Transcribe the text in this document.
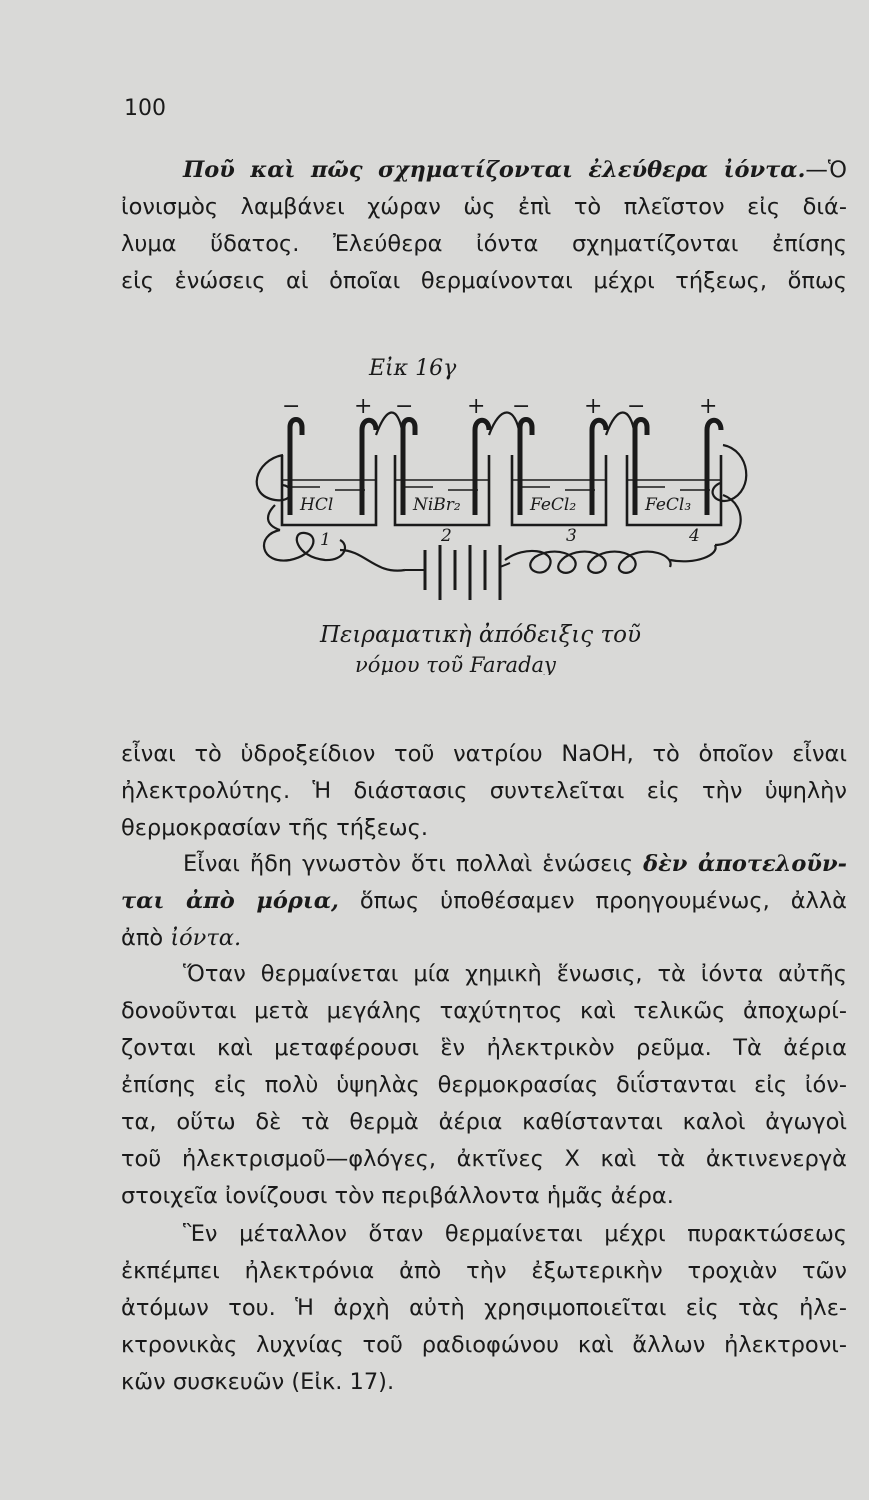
100
Ποῦ καὶ πῶς σχηματίζονται ἐλεύθερα ἰόντα.—Ὁ
ἰονισμὸς λαμβάνει χώραν ὡς ἐπὶ τὸ πλεῖστον εἰς διά-
λυμα ὕδατος. Ἐλεύθερα ἰόντα σχηματίζονται ἐπίσης
εἰς ἑνώσεις αἱ ὁποῖαι θερμαίνονται μέχρι τήξεως, ὅπως
Εἰκ 16γ
− + − + − + − +
HCl
1
NiBr₂
2
FeCl₂
3
FeCl₃
4
Πειραματικὴ ἀπόδειξις τοῦ
νόμου τοῦ Faraday
εἶναι τὸ ὑδροξείδιον τοῦ νατρίου NaOH, τὸ ὁποῖον εἶναι
ἠλεκτρολύτης. Ἡ διάστασις συντελεῖται εἰς τὴν ὑψηλὴν
θερμοκρασίαν τῆς τήξεως.
Εἶναι ἤδη γνωστὸν ὅτι πολλαὶ ἑνώσεις δὲν ἀποτελοῦν-
ται ἀπὸ μόρια, ὅπως ὑποθέσαμεν προηγουμένως, ἀλλὰ
ἀπὸ ἰόντα.
Ὅταν θερμαίνεται μία χημικὴ ἕνωσις, τὰ ἰόντα αὐτῆς
δονοῦνται μετὰ μεγάλης ταχύτητος καὶ τελικῶς ἀποχωρί-
ζονται καὶ μεταφέρουσι ἓν ἠλεκτρικὸν ρεῦμα. Τὰ ἀέρια
ἐπίσης εἰς πολὺ ὑψηλὰς θερμοκρασίας διΐστανται εἰς ἰόν-
τα, οὕτω δὲ τὰ θερμὰ ἀέρια καθίστανται καλοὶ ἀγωγοὶ
τοῦ ἠλεκτρισμοῦ—φλόγες, ἀκτῖνες Χ καὶ τὰ ἀκτινενεργὰ
στοιχεῖα ἰονίζουσι τὸν περιβάλλοντα ἡμᾶς ἀέρα.
Ἓν μέταλλον ὅταν θερμαίνεται μέχρι πυρακτώσεως
ἐκπέμπει ἠλεκτρόνια ἀπὸ τὴν ἐξωτερικὴν τροχιὰν τῶν
ἀτόμων του. Ἡ ἀρχὴ αὐτὴ χρησιμοποιεῖται εἰς τὰς ἠλε-
κτρονικὰς λυχνίας τοῦ ραδιοφώνου καὶ ἄλλων ἠλεκτρονι-
κῶν συσκευῶν (Εἰκ. 17).
